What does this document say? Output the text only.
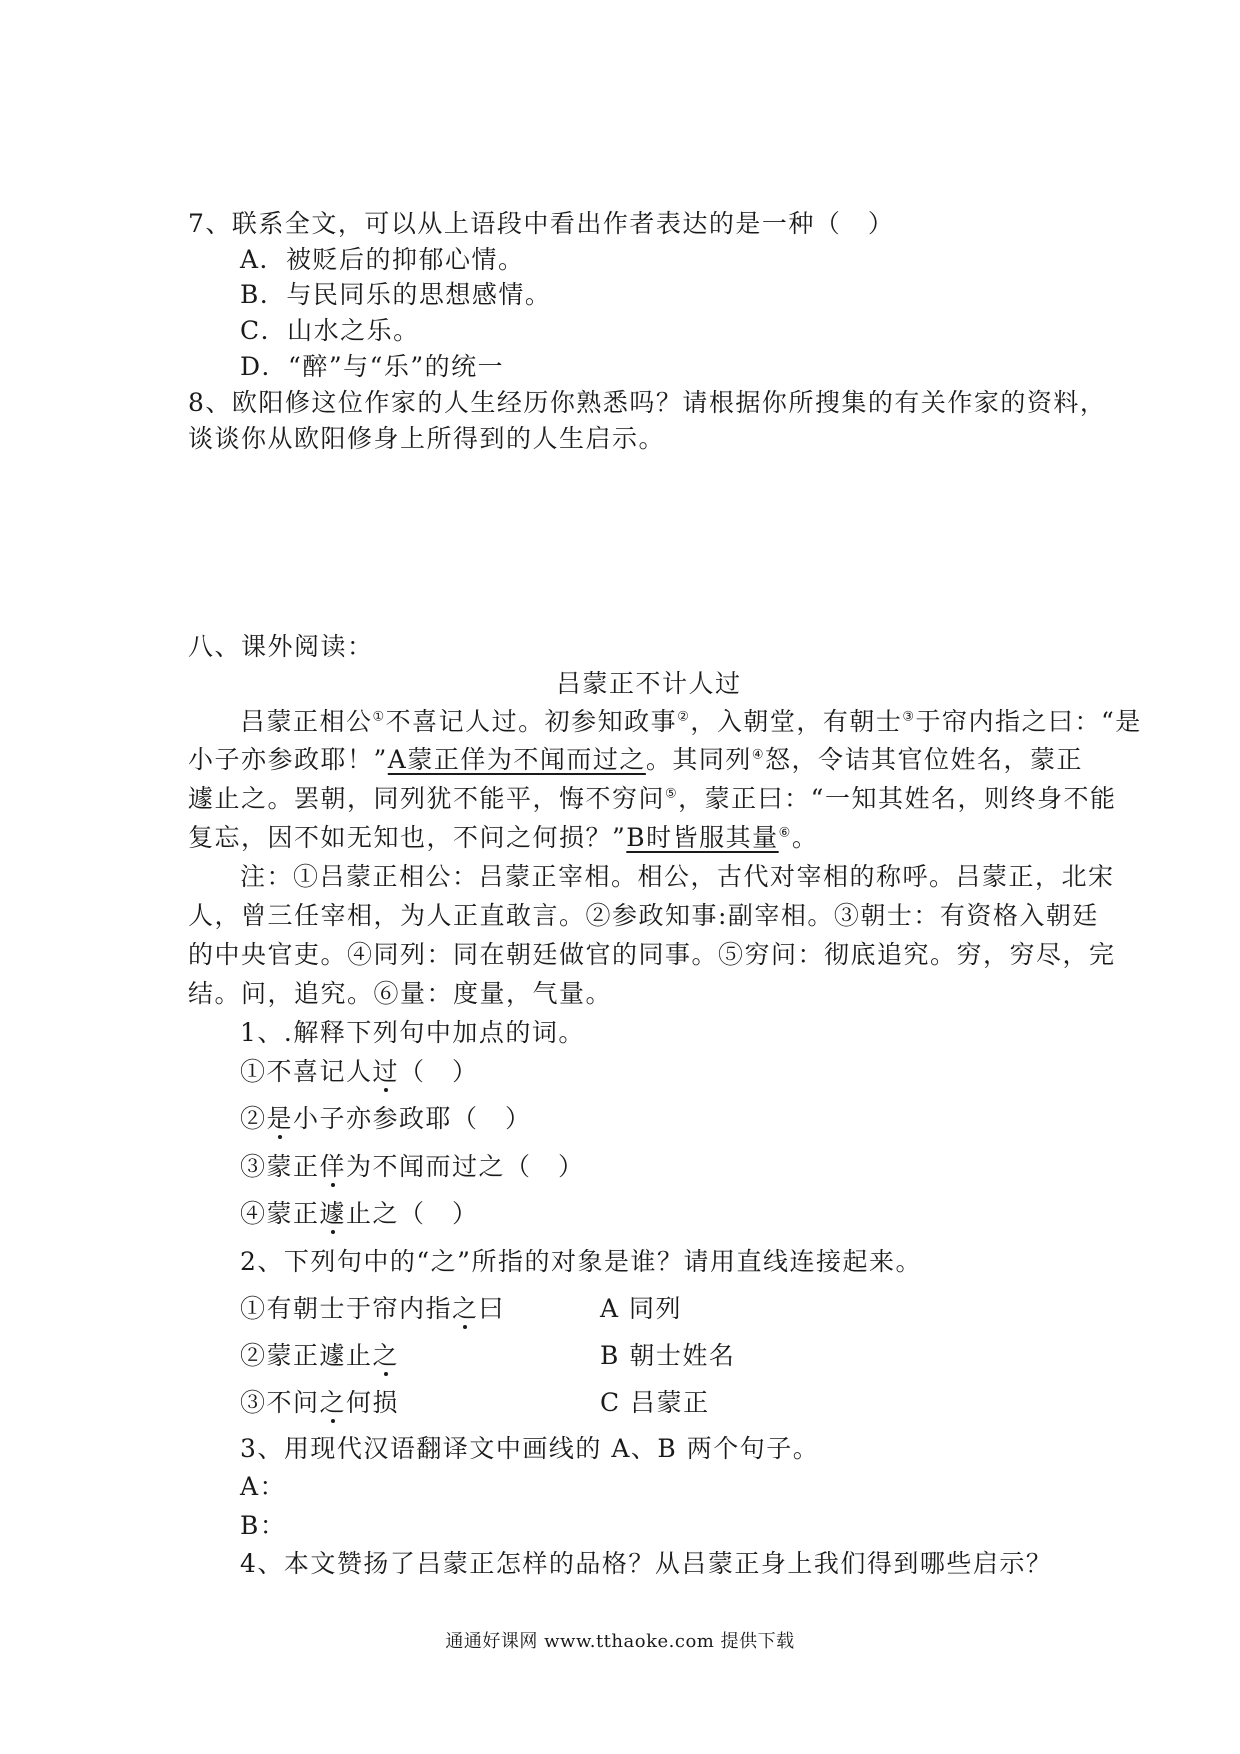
7、联系全文，可以从上语段中看出作者表达的是一种（　）
A．被贬后的抑郁心情。
B．与民同乐的思想感情。
C．山水之乐。
D．“醉”与“乐”的统一
8、欧阳修这位作家的人生经历你熟悉吗？请根据你所搜集的有关作家的资料，
谈谈你从欧阳修身上所得到的人生启示。
八、课外阅读：
吕蒙正不计人过
吕蒙正相公①不喜记人过。初参知政事②，入朝堂，有朝士③于帘内指之曰：“是
小子亦参政耶！”A蒙正佯为不闻而过之。其同列④怒，令诘其官位姓名，蒙正
遽止之。罢朝，同列犹不能平，悔不穷问⑤，蒙正曰：“一知其姓名，则终身不能
复忘，因不如无知也，不问之何损？”B时皆服其量⑥。
注：①吕蒙正相公：吕蒙正宰相。相公，古代对宰相的称呼。吕蒙正，北宋
人，曾三任宰相，为人正直敢言。②参政知事:副宰相。③朝士：有资格入朝廷
的中央官吏。④同列：同在朝廷做官的同事。⑤穷问：彻底追究。穷，穷尽，完
结。问，追究。⑥量：度量，气量。
1、.解释下列句中加点的词。
①不喜记人过（　）
②是小子亦参政耶（　）
③蒙正佯为不闻而过之（　）
④蒙正遽止之（　）
2、下列句中的“之”所指的对象是谁？请用直线连接起来。
①有朝士于帘内指之曰	A 同列
②蒙正遽止之	B 朝士姓名
③不问之何损	C 吕蒙正
3、用现代汉语翻译文中画线的 A、B 两个句子。
A：
B：
4、本文赞扬了吕蒙正怎样的品格？从吕蒙正身上我们得到哪些启示？
通通好课网 www.tthaoke.com 提供下载
